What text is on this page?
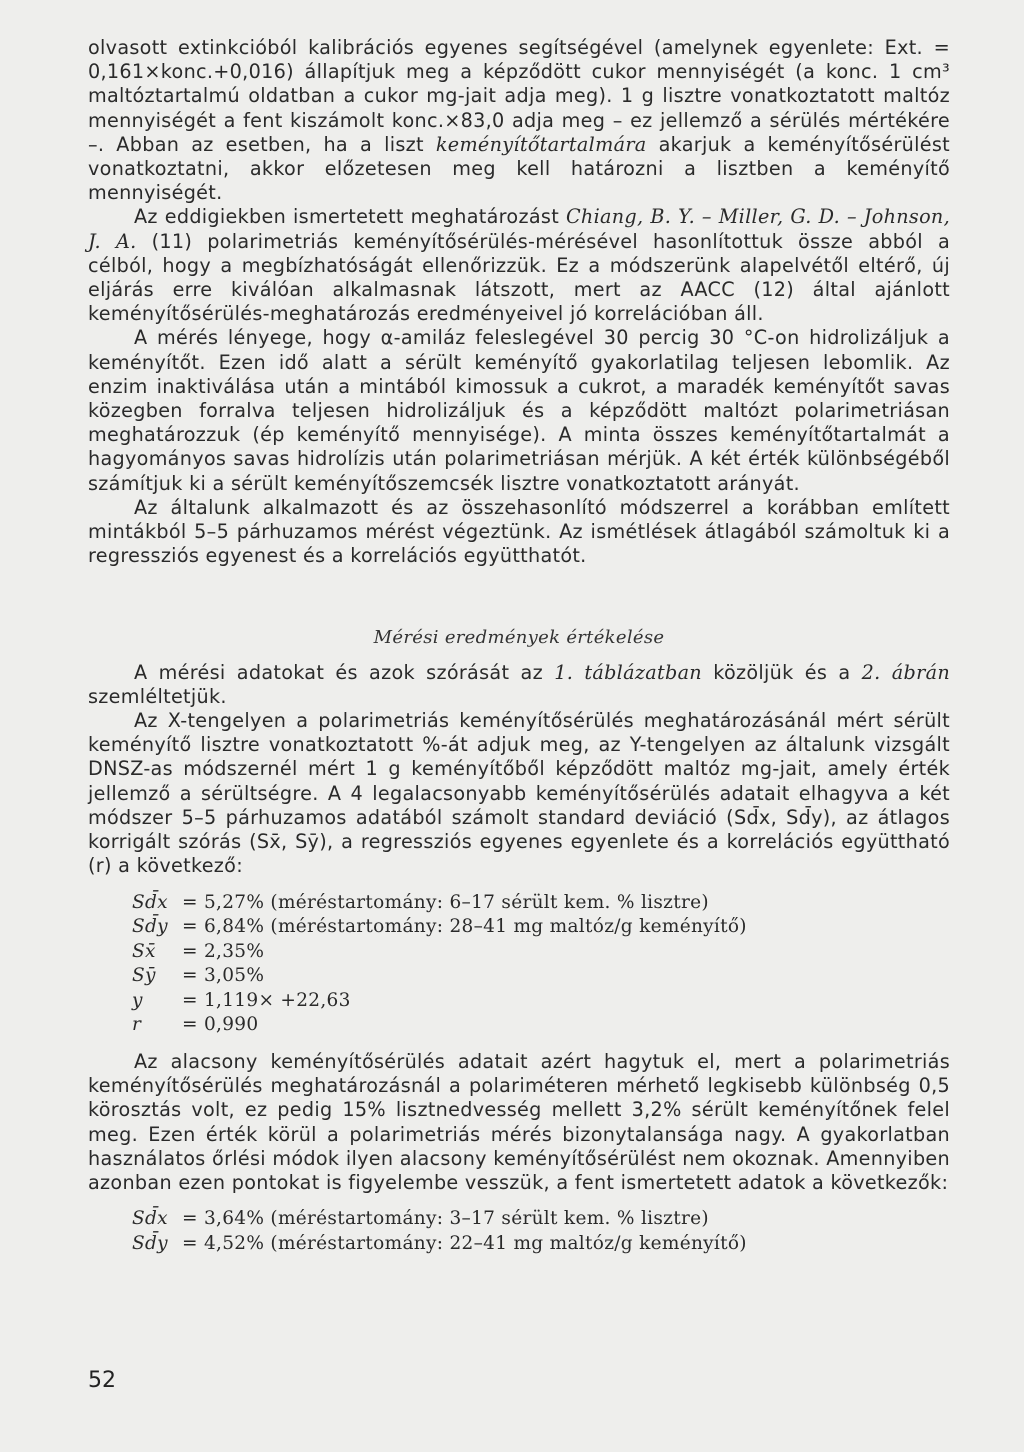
olvasott extinkcióból kalibrációs egyenes segítségével (amelynek egyenlete: Ext. = 0,161×konc.+0,016) állapítjuk meg a képződött cukor mennyiségét (a konc. 1 cm³ maltóztartalmú oldatban a cukor mg-jait adja meg). 1 g lisztre vonatkoztatott maltóz mennyiségét a fent kiszámolt konc.×83,0 adja meg – ez jellemző a sérülés mértékére –. Abban az esetben, ha a liszt keményítőtartalmára akarjuk a keményítősérülést vonatkoztatni, akkor előzetesen meg kell határozni a lisztben a keményítő mennyiségét.

Az eddigiekben ismertetett meghatározást Chiang, B. Y. – Miller, G. D. – Johnson, J. A. (11) polarimetriás keményítősérülés-mérésével hasonlítottuk össze abból a célból, hogy a megbízhatóságát ellenőrizzük. Ez a módszerünk alapelvétől eltérő, új eljárás erre kiválóan alkalmasnak látszott, mert az AACC (12) által ajánlott keményítősérülés-meghatározás eredményeivel jó korrelációban áll.

A mérés lényege, hogy α-amiláz feleslegével 30 percig 30 °C-on hidrolizáljuk a keményítőt. Ezen idő alatt a sérült keményítő gyakorlatilag teljesen lebomlik. Az enzim inaktiválása után a mintából kimossuk a cukrot, a maradék keményítőt savas közegben forralva teljesen hidrolizáljuk és a képződött maltózt polarimetriásan meghatározzuk (ép keményítő mennyisége). A minta összes keményítőtartalmát a hagyományos savas hidrolízis után polarimetriásan mérjük. A két érték különbségéből számítjuk ki a sérült keményítőszemcsék lisztre vonatkoztatott arányát.

Az általunk alkalmazott és az összehasonlító módszerrel a korábban említett mintákból 5–5 párhuzamos mérést végeztünk. Az ismétlések átlagából számoltuk ki a regressziós egyenest és a korrelációs együtthatót.

Mérési eredmények értékelése

A mérési adatokat és azok szórását az 1. táblázatban közöljük és a 2. ábrán szemléltetjük.

Az X-tengelyen a polarimetriás keményítősérülés meghatározásánál mért sérült keményítő lisztre vonatkoztatott %-át adjuk meg, az Y-tengelyen az általunk vizsgált DNSZ-as módszernél mért 1 g keményítőből képződött maltóz mg-jait, amely érték jellemző a sérültségre. A 4 legalacsonyabb keményítősérülés adatait elhagyva a két módszer 5–5 párhuzamos adatából számolt standard deviáció (Sd̄x, Sd̄y), az átlagos korrigált szórás (Sx̄, Sȳ), a regressziós egyenes egyenlete és a korrelációs együttható (r) a következő:

Sd̄x = 5,27% (méréstartomány: 6–17 sérült kem. % lisztre)
Sd̄y = 6,84% (méréstartomány: 28–41 mg maltóz/g keményítő)
Sx̄	= 2,35%
Sȳ	= 3,05%
y	= 1,119× +22,63
r	= 0,990

Az alacsony keményítősérülés adatait azért hagytuk el, mert a polarimetriás keményítősérülés meghatározásnál a polariméteren mérhető legkisebb különbség 0,5 körosztás volt, ez pedig 15% lisztnedvesség mellett 3,2% sérült keményítőnek felel meg. Ezen érték körül a polarimetriás mérés bizonytalansága nagy. A gyakorlatban használatos őrlési módok ilyen alacsony keményítősérülést nem okoznak. Amennyiben azonban ezen pontokat is figyelembe vesszük, a fent ismertetett adatok a következők:

Sd̄x = 3,64% (méréstartomány: 3–17 sérült kem. % lisztre)
Sd̄y = 4,52% (méréstartomány: 22–41 mg maltóz/g keményítő)
52
